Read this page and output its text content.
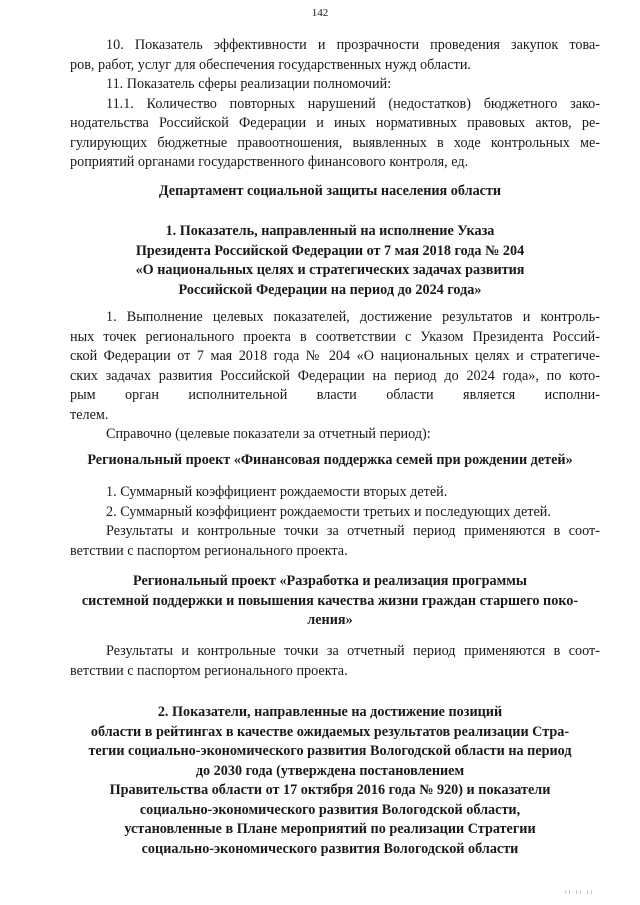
142
10. Показатель эффективности и прозрачности проведения закупок това-
ров, работ, услуг для обеспечения государственных нужд области.
11. Показатель сферы реализации полномочий:
11.1. Количество повторных нарушений (недостатков) бюджетного зако-
нодательства Российской Федерации и иных нормативных правовых актов, ре-
гулирующих бюджетные правоотношения, выявленных в ходе контрольных ме-
роприятий органами государственного финансового контроля, ед.
Департамент социальной защиты населения области
1. Показатель, направленный на исполнение Указа
Президента Российской Федерации от 7 мая 2018 года № 204
«О национальных целях и стратегических задачах развития
Российской Федерации на период до 2024 года»
1. Выполнение целевых показателей, достижение результатов и контроль-
ных точек регионального проекта в соответствии с Указом Президента Россий-
ской Федерации от 7 мая 2018 года № 204 «О национальных целях и стратегиче-
ских задачах развития Российской Федерации на период до 2024 года», по кото-
рым орган исполнительной власти области является исполни-
телем.
Справочно (целевые показатели за отчетный период):
Региональный проект «Финансовая поддержка семей при рождении детей»
1. Суммарный коэффициент рождаемости вторых детей.
2. Суммарный коэффициент рождаемости третьих и последующих детей.
Результаты и контрольные точки за отчетный период применяются в соот-
ветствии с паспортом регионального проекта.
Региональный проект «Разработка и реализация программы
системной поддержки и повышения качества жизни граждан старшего поко-
ления»
Результаты и контрольные точки за отчетный период применяются в соот-
ветствии с паспортом регионального проекта.
2. Показатели, направленные на достижение позиций
области в рейтингах в качестве ожидаемых результатов реализации Стра-
тегии социально-экономического развития Вологодской области на период
до 2030 года (утверждена постановлением
Правительства области от 17 октября 2016 года № 920) и показатели
социально-экономического развития Вологодской области,
установленные в Плане мероприятий по реализации Стратегии
социально-экономического развития Вологодской области
ii ii ii
